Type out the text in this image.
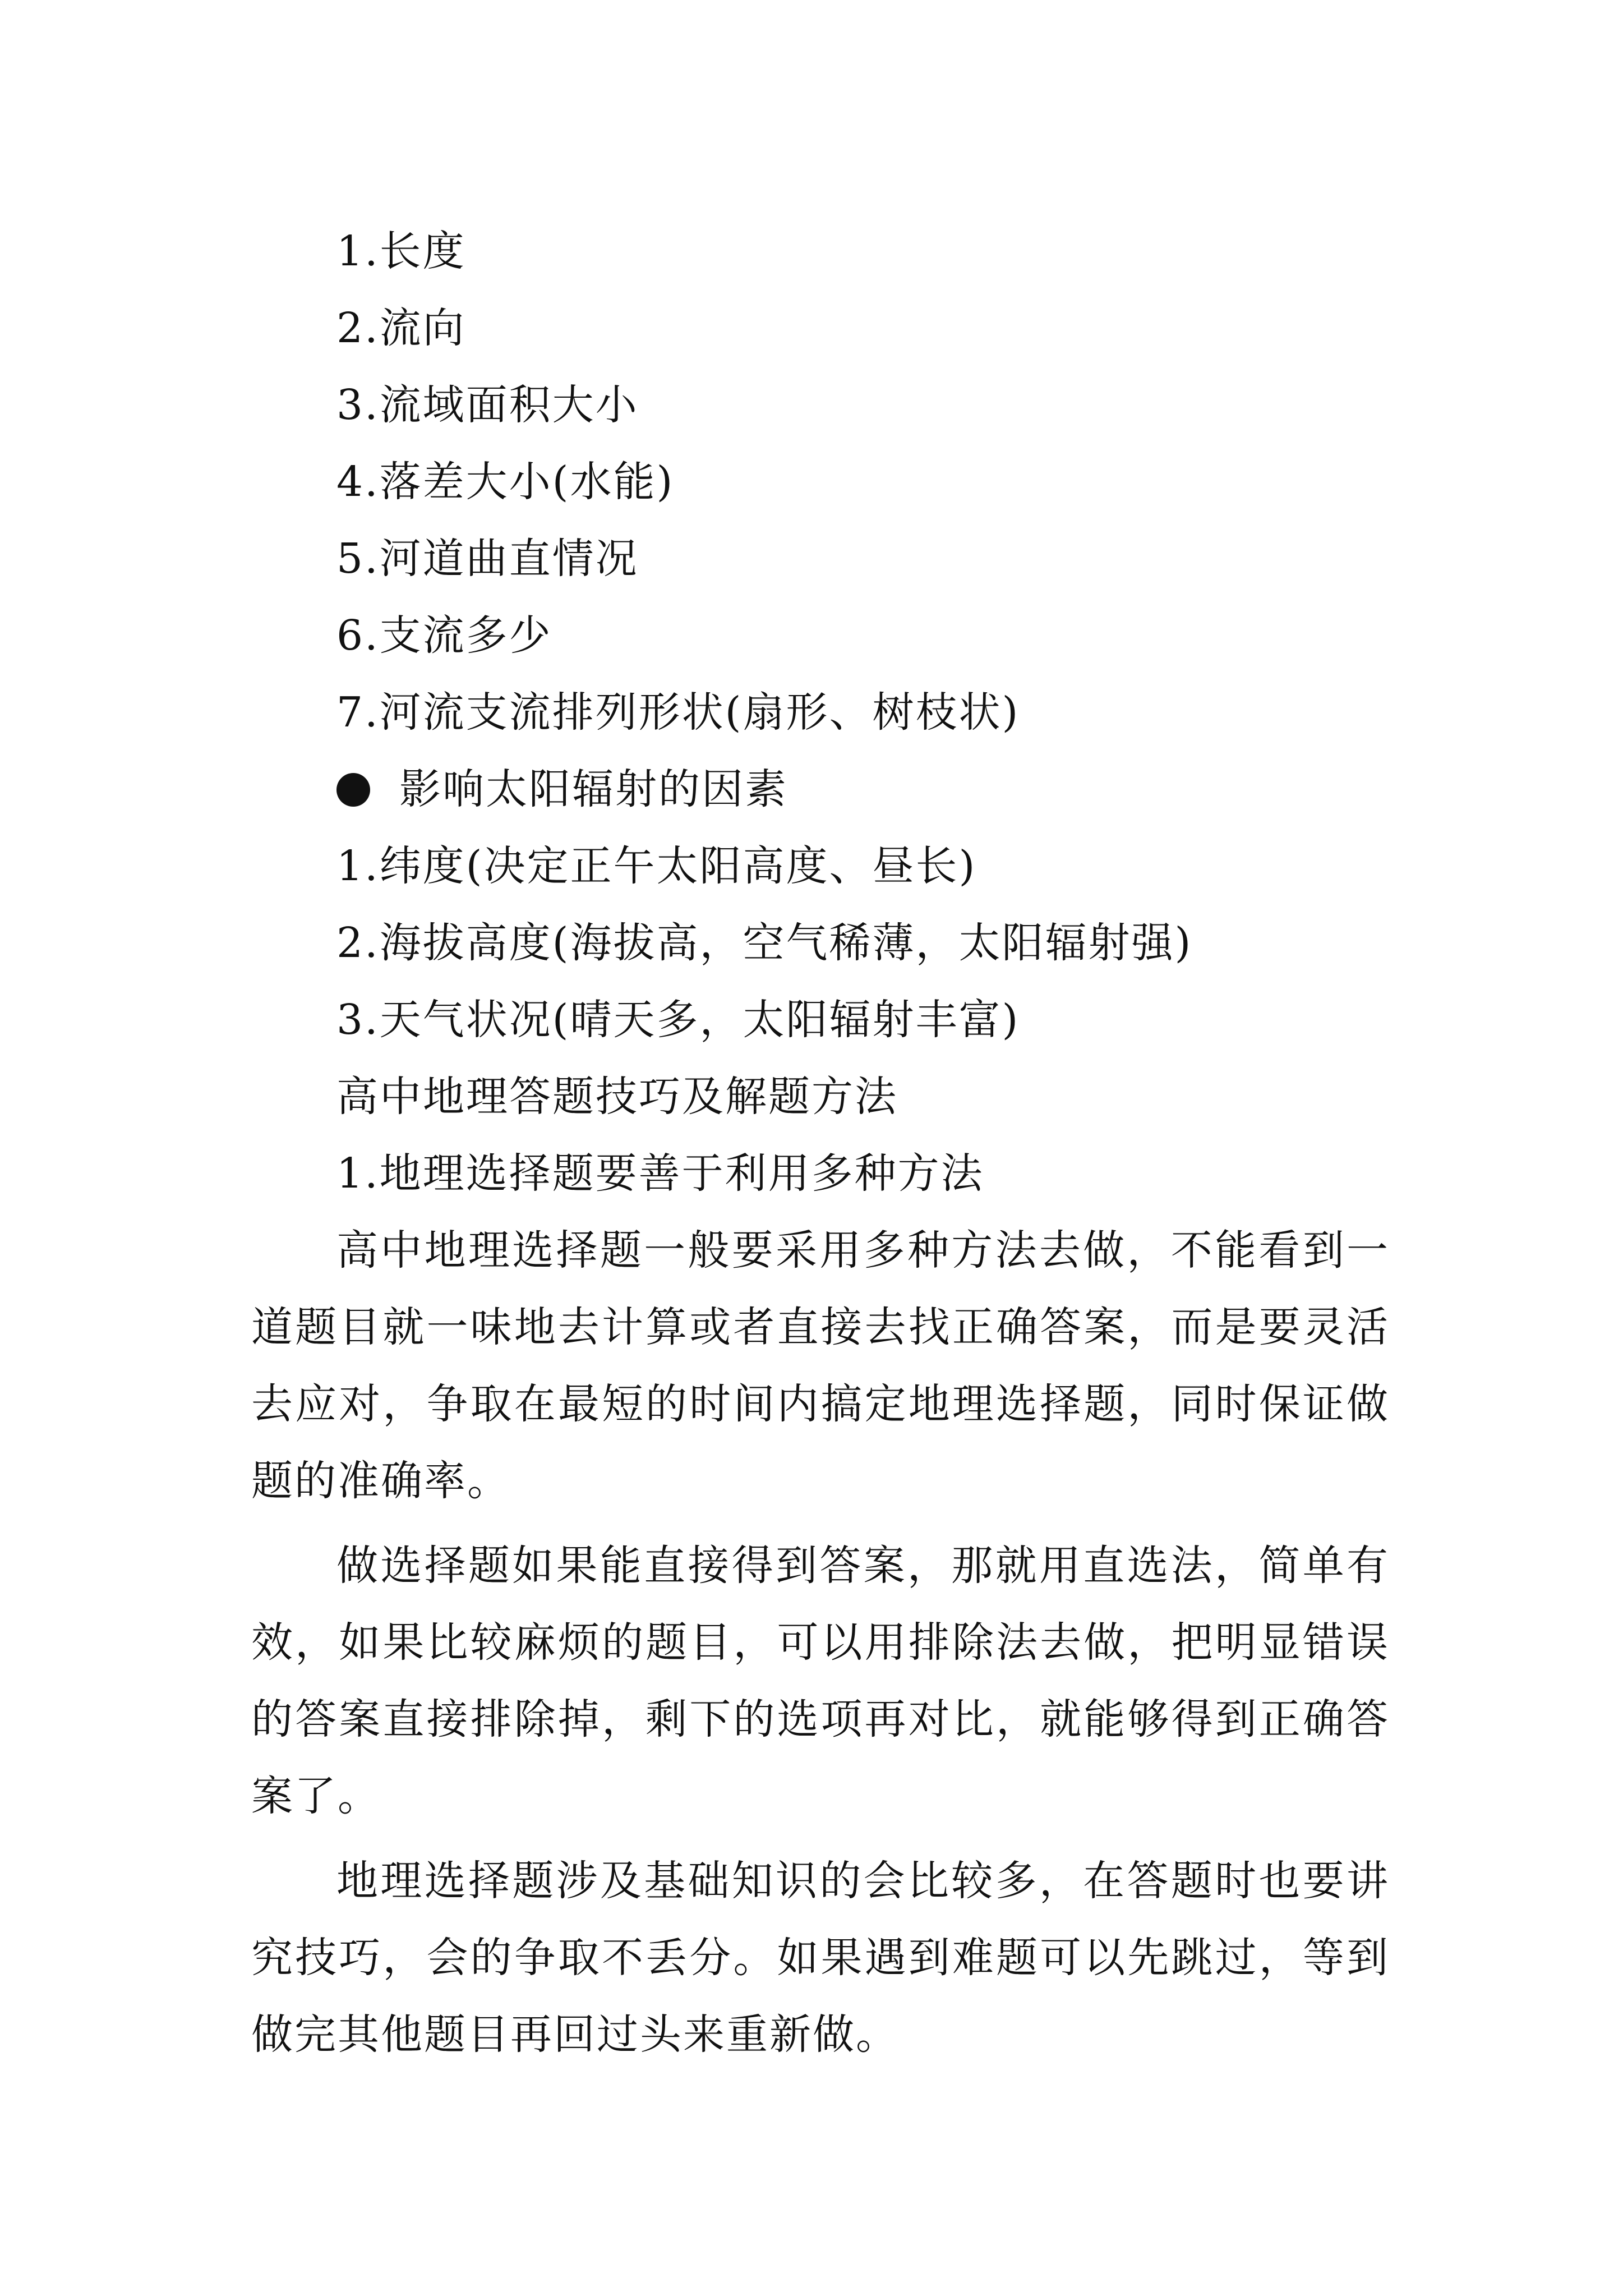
1.长度
2.流向
3.流域面积大小
4.落差大小(水能)
5.河道曲直情况
6.支流多少
7.河流支流排列形状(扇形、树枝状)
影响太阳辐射的因素
1.纬度(决定正午太阳高度、昼长)
2.海拔高度(海拔高，空气稀薄，太阳辐射强)
3.天气状况(晴天多，太阳辐射丰富)
高中地理答题技巧及解题方法
1.地理选择题要善于利用多种方法

高中地理选择题一般要采用多种方法去做，不能看到一道题目就一味地去计算或者直接去找正确答案，而是要灵活去应对，争取在最短的时间内搞定地理选择题，同时保证做题的准确率。

做选择题如果能直接得到答案，那就用直选法，简单有效，如果比较麻烦的题目，可以用排除法去做，把明显错误的答案直接排除掉，剩下的选项再对比，就能够得到正确答案了。

地理选择题涉及基础知识的会比较多，在答题时也要讲究技巧，会的争取不丢分。如果遇到难题可以先跳过，等到做完其他题目再回过头来重新做。
